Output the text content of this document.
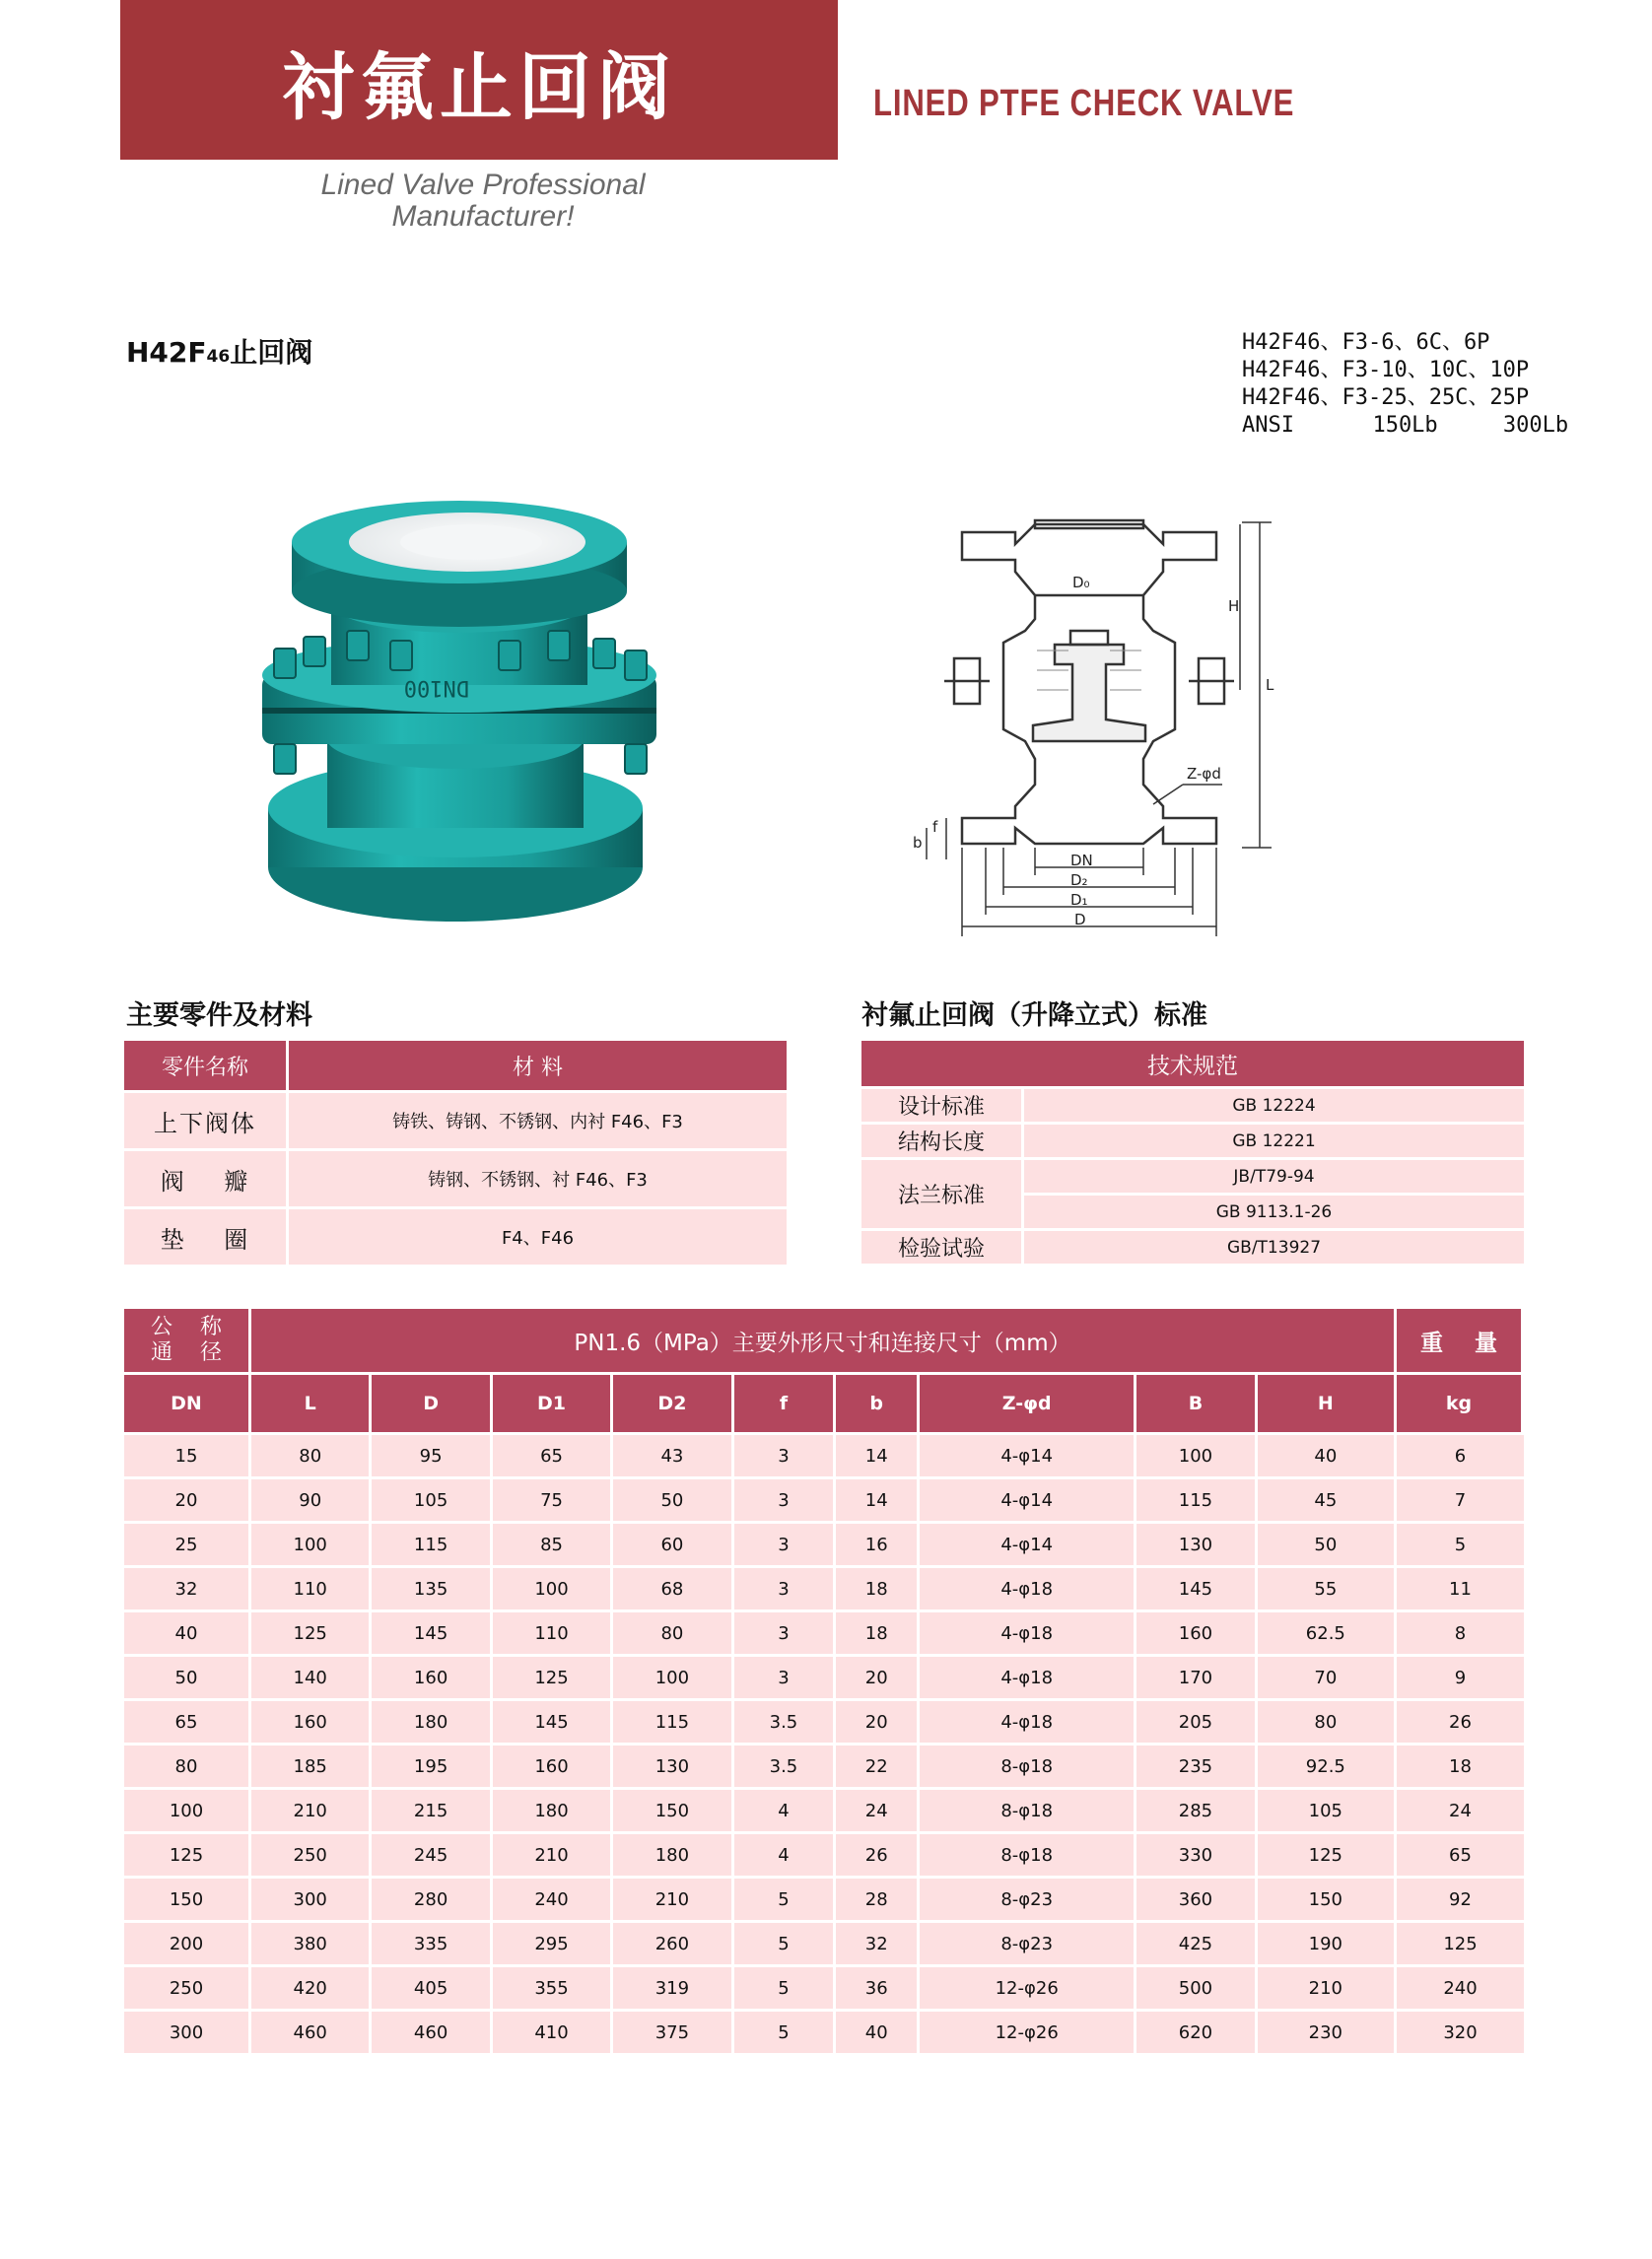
衬氟止回阀	LINED PTFE CHECK VALVE
Lined Valve Professional
Manufacturer!
H42F46止回阀	H42F46、F3-6、6C、6P
H42F46、F3-10、10C、10P
H42F46、F3-25、25C、25P
ANSI      150Lb     300Lb
DN100
D₀
H
L
Z-φd
b
f
DN
D₂
D₁
D
主要零件及材料	衬氟止回阀（升降立式）标准
零件名称	材 料
上下阀体	铸铁、铸钢、不锈钢、内衬 F46、F3
阀    瓣	铸钢、不锈钢、衬 F46、F3
垫    圈	F4、F46
技术规范	
设计标准	GB 12224
结构长度	GB 12221
法兰标准	JB/T79-94
	GB 9113.1-26
检验试验	GB/T13927
公    称
通    径	PN1.6（MPa）主要外形尺寸和连接尺寸（mm）									重    量
DN	L	D	D1	D2	f	b	Z-φd	B	H	kg
15	80	95	65	43	3	14	4-φ14	100	40	6
20	90	105	75	50	3	14	4-φ14	115	45	7
25	100	115	85	60	3	16	4-φ14	130	50	5
32	110	135	100	68	3	18	4-φ18	145	55	11
40	125	145	110	80	3	18	4-φ18	160	62.5	8
50	140	160	125	100	3	20	4-φ18	170	70	9
65	160	180	145	115	3.5	20	4-φ18	205	80	26
80	185	195	160	130	3.5	22	8-φ18	235	92.5	18
100	210	215	180	150	4	24	8-φ18	285	105	24
125	250	245	210	180	4	26	8-φ18	330	125	65
150	300	280	240	210	5	28	8-φ23	360	150	92
200	380	335	295	260	5	32	8-φ23	425	190	125
250	420	405	355	319	5	36	12-φ26	500	210	240
300	460	460	410	375	5	40	12-φ26	620	230	320
